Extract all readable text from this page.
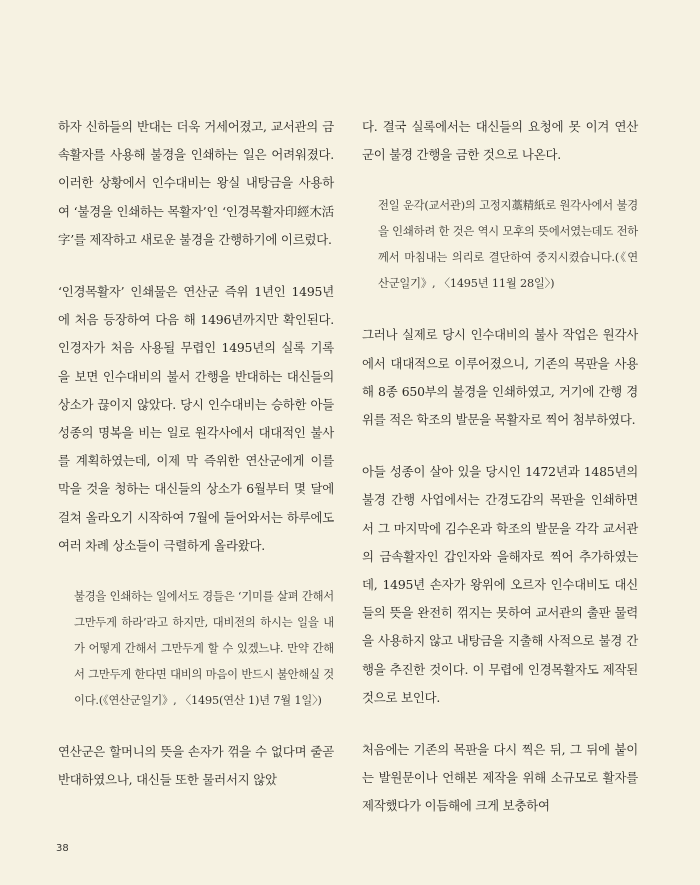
하자 신하들의 반대는 더욱 거세어졌고, 교서관의 금속활자를 사용해 불경을 인쇄하는 일은 어려워졌다. 이러한 상황에서 인수대비는 왕실 내탕금을 사용하여 ‘불경을 인쇄하는 목활자’인 ‘인경목활자印經木活字’를 제작하고 새로운 불경을 간행하기에 이르렀다.

‘인경목활자’ 인쇄물은 연산군 즉위 1년인 1495년에 처음 등장하여 다음 해 1496년까지만 확인된다. 인경자가 처음 사용될 무렵인 1495년의 실록 기록을 보면 인수대비의 불서 간행을 반대하는 대신들의 상소가 끊이지 않았다. 당시 인수대비는 승하한 아들 성종의 명복을 비는 일로 원각사에서 대대적인 불사를 계획하였는데, 이제 막 즉위한 연산군에게 이를 막을 것을 청하는 대신들의 상소가 6월부터 몇 달에 걸쳐 올라오기 시작하여 7월에 들어와서는 하루에도 여러 차례 상소들이 극렬하게 올라왔다.

불경을 인쇄하는 일에서도 경들은 ‘기미를 살펴 간해서 그만두게 하라’라고 하지만, 대비전의 하시는 일을 내가 어떻게 간해서 그만두게 할 수 있겠느냐. 만약 간해서 그만두게 한다면 대비의 마음이 반드시 불안해실 것이다.(《연산군일기》, 〈1495(연산 1)년 7월 1일〉)

연산군은 할머니의 뜻을 손자가 꺾을 수 없다며 줄곧 반대하였으나, 대신들 또한 물러서지 않았

다. 결국 실록에서는 대신들의 요청에 못 이겨 연산군이 불경 간행을 금한 것으로 나온다.

전일 운각(교서관)의 고정지藁精紙로 원각사에서 불경을 인쇄하려 한 것은 역시 모후의 뜻에서였는데도 전하께서 마침내는 의리로 결단하여 중지시켰습니다.(《연산군일기》, 〈1495년 11월 28일〉)

그러나 실제로 당시 인수대비의 불사 작업은 원각사에서 대대적으로 이루어졌으니, 기존의 목판을 사용해 8종 650부의 불경을 인쇄하였고, 거기에 간행 경위를 적은 학조의 발문을 목활자로 찍어 첨부하였다.

아들 성종이 살아 있을 당시인 1472년과 1485년의 불경 간행 사업에서는 간경도감의 목판을 인쇄하면서 그 마지막에 김수온과 학조의 발문을 각각 교서관의 금속활자인 갑인자와 을해자로 찍어 추가하였는데, 1495년 손자가 왕위에 오르자 인수대비도 대신들의 뜻을 완전히 꺾지는 못하여 교서관의 출판 물력을 사용하지 않고 내탕금을 지출해 사적으로 불경 간행을 추진한 것이다. 이 무렵에 인경목활자도 제작된 것으로 보인다.

처음에는 기존의 목판을 다시 찍은 뒤, 그 뒤에 붙이는 발원문이나 언해본 제작을 위해 소규모로 활자를 제작했다가 이듬해에 크게 보충하여

38
